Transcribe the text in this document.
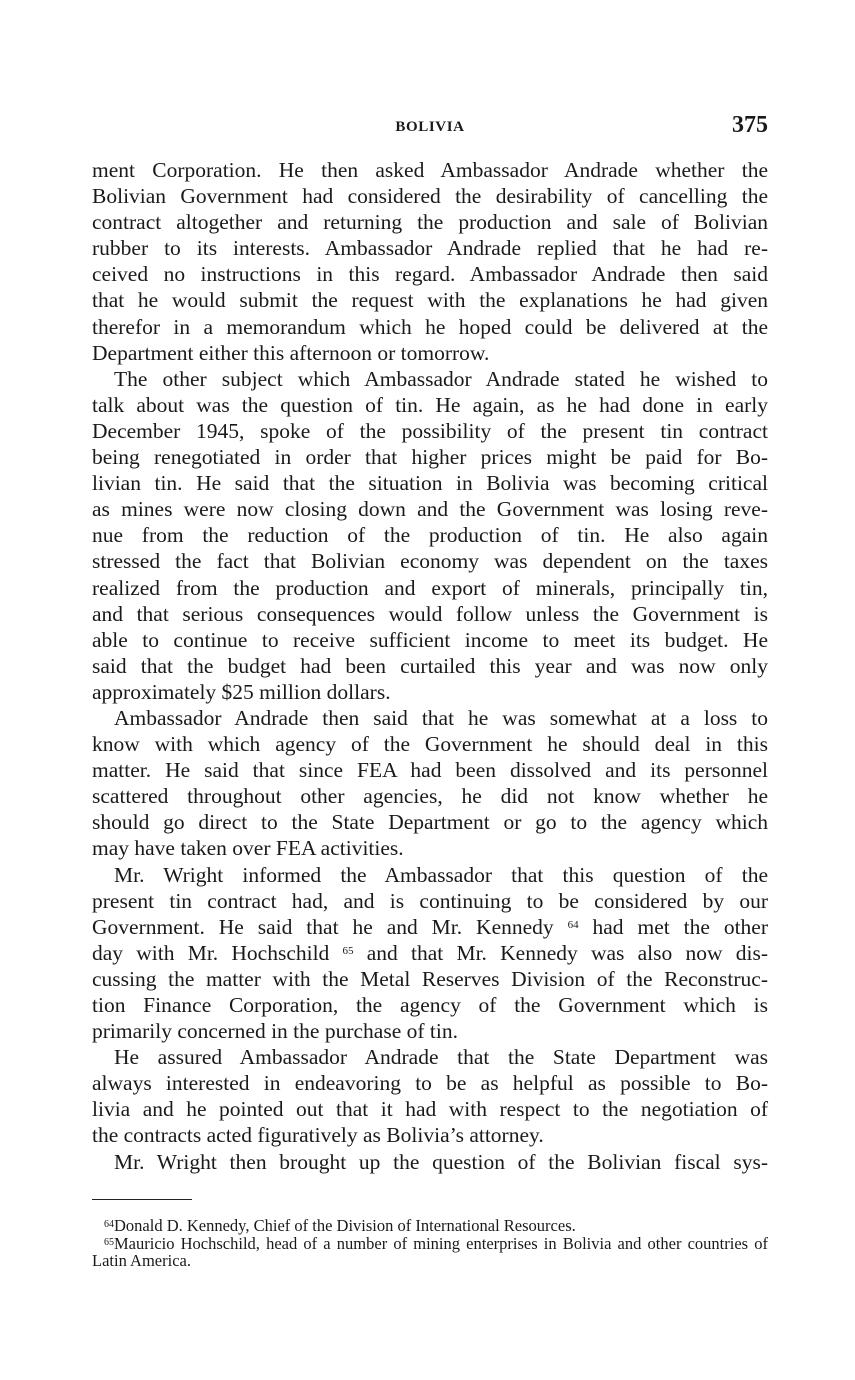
BOLIVIA	375

ment Corporation. He then asked Ambassador Andrade whether the

Bolivian Government had considered the desirability of cancelling the

contract altogether and returning the production and sale of Bolivian

rubber to its interests. Ambassador Andrade replied that he had re-

ceived no instructions in this regard. Ambassador Andrade then said

that he would submit the request with the explanations he had given

therefor in a memorandum which he hoped could be delivered at the

Department either this afternoon or tomorrow.

The other subject which Ambassador Andrade stated he wished to

talk about was the question of tin. He again, as he had done in early

December 1945, spoke of the possibility of the present tin contract

being renegotiated in order that higher prices might be paid for Bo-

livian tin. He said that the situation in Bolivia was becoming critical

as mines were now closing down and the Government was losing reve-

nue from the reduction of the production of tin. He also again

stressed the fact that Bolivian economy was dependent on the taxes

realized from the production and export of minerals, principally tin,

and that serious consequences would follow unless the Government is

able to continue to receive sufficient income to meet its budget. He

said that the budget had been curtailed this year and was now only

approximately $25 million dollars.

Ambassador Andrade then said that he was somewhat at a loss to

know with which agency of the Government he should deal in this

matter. He said that since FEA had been dissolved and its personnel

scattered throughout other agencies, he did not know whether he

should go direct to the State Department or go to the agency which

may have taken over FEA activities.

Mr. Wright informed the Ambassador that this question of the

present tin contract had, and is continuing to be considered by our

Government. He said that he and Mr. Kennedy $^{64}$ had met the other

day with Mr. Hochschild $^{65}$ and that Mr. Kennedy was also now dis-

cussing the matter with the Metal Reserves Division of the Reconstruc-

tion Finance Corporation, the agency of the Government which is

primarily concerned in the purchase of tin.

He assured Ambassador Andrade that the State Department was

always interested in endeavoring to be as helpful as possible to Bo-

livia and he pointed out that it had with respect to the negotiation of

the contracts acted figuratively as Bolivia’s attorney.

Mr. Wright then brought up the question of the Bolivian fiscal sys-

$^{64}$Donald D. Kennedy, Chief of the Division of International Resources.

$^{65}$Mauricio Hochschild, head of a number of mining enterprises in Bolivia and other countries of Latin America.
